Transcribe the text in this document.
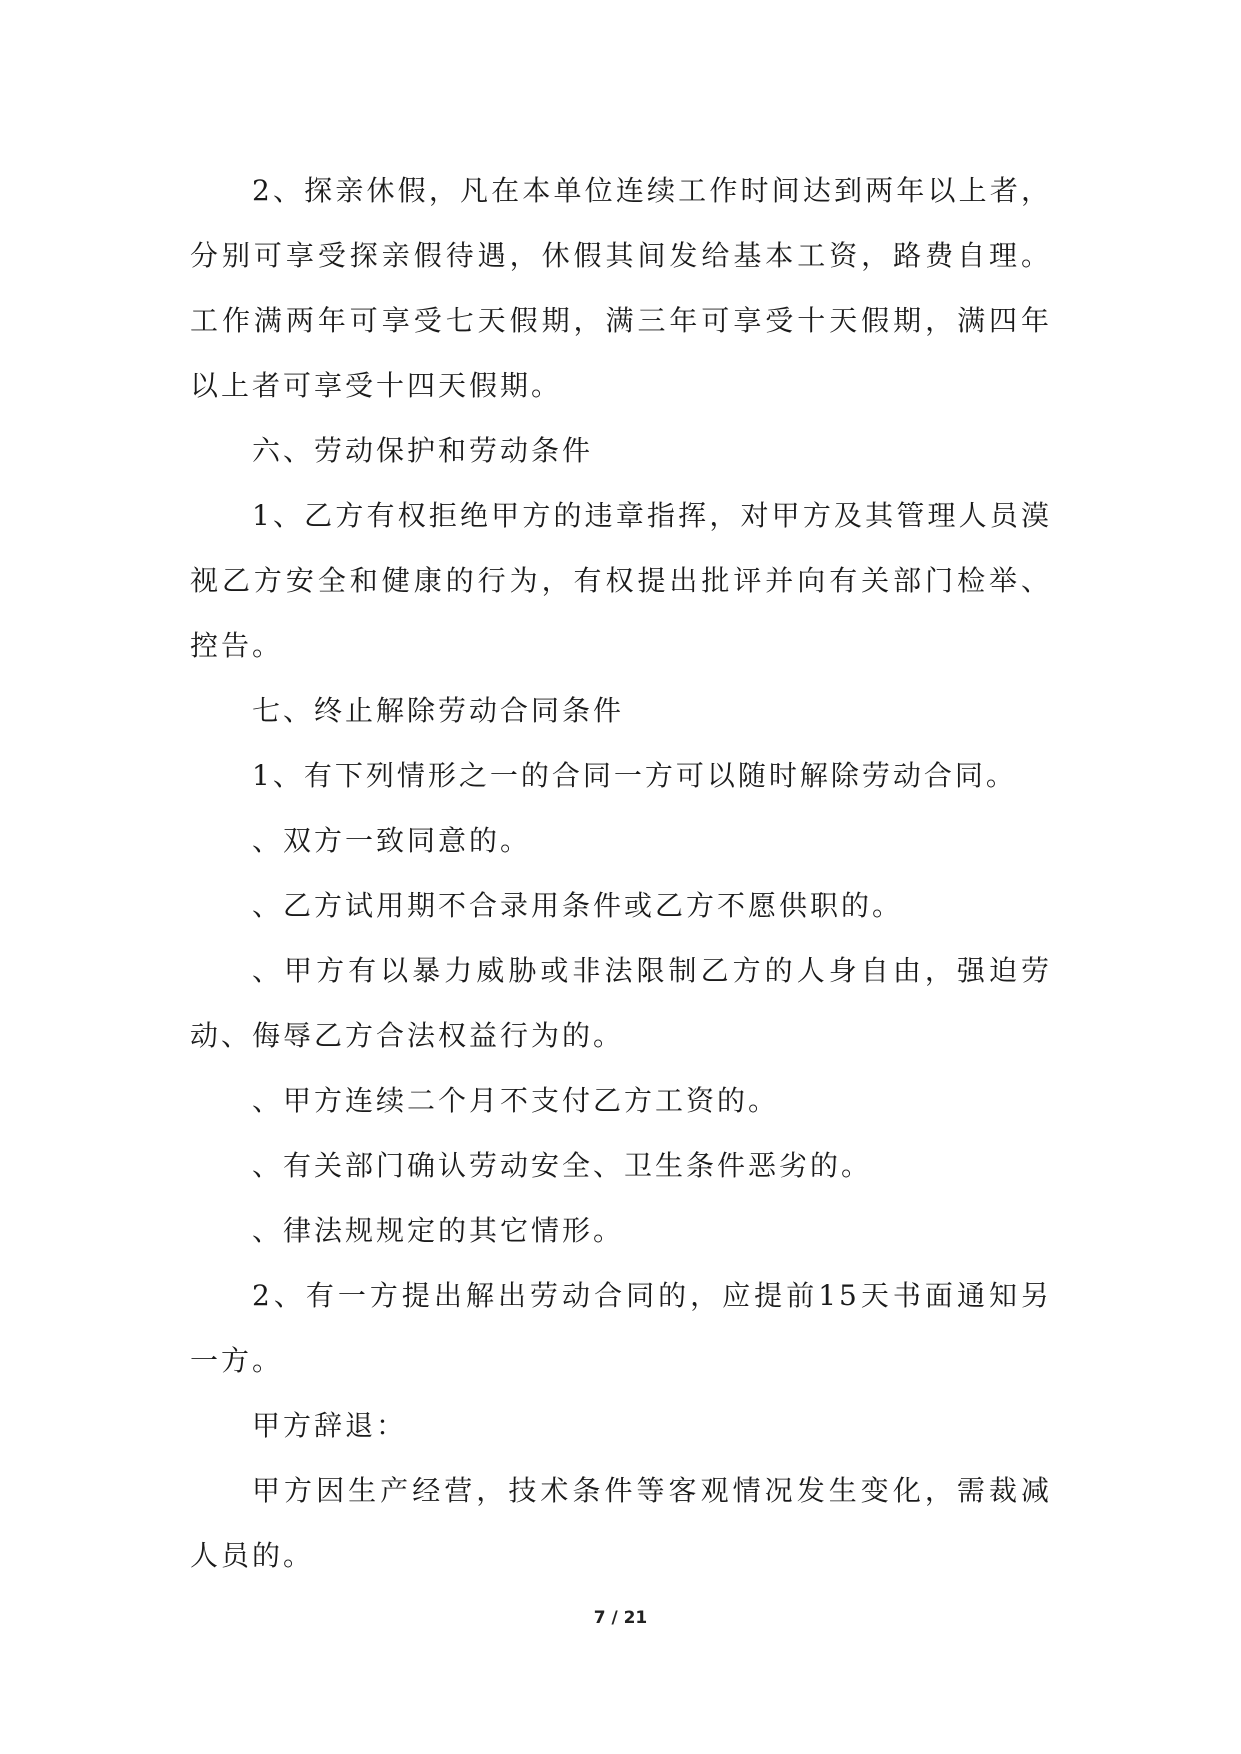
2、探亲休假，凡在本单位连续工作时间达到两年以上者，分别可享受探亲假待遇，休假其间发给基本工资，路费自理。工作满两年可享受七天假期，满三年可享受十天假期，满四年以上者可享受十四天假期。

六、劳动保护和劳动条件

1、乙方有权拒绝甲方的违章指挥，对甲方及其管理人员漠视乙方安全和健康的行为，有权提出批评并向有关部门检举、控告。

七、终止解除劳动合同条件

1、有下列情形之一的合同一方可以随时解除劳动合同。

、双方一致同意的。

、乙方试用期不合录用条件或乙方不愿供职的。

、甲方有以暴力威胁或非法限制乙方的人身自由，强迫劳动、侮辱乙方合法权益行为的。

、甲方连续二个月不支付乙方工资的。

、有关部门确认劳动安全、卫生条件恶劣的。

、律法规规定的其它情形。

2、有一方提出解出劳动合同的，应提前15天书面通知另一方。

甲方辞退：

甲方因生产经营，技术条件等客观情况发生变化，需裁减人员的。

7 / 21
